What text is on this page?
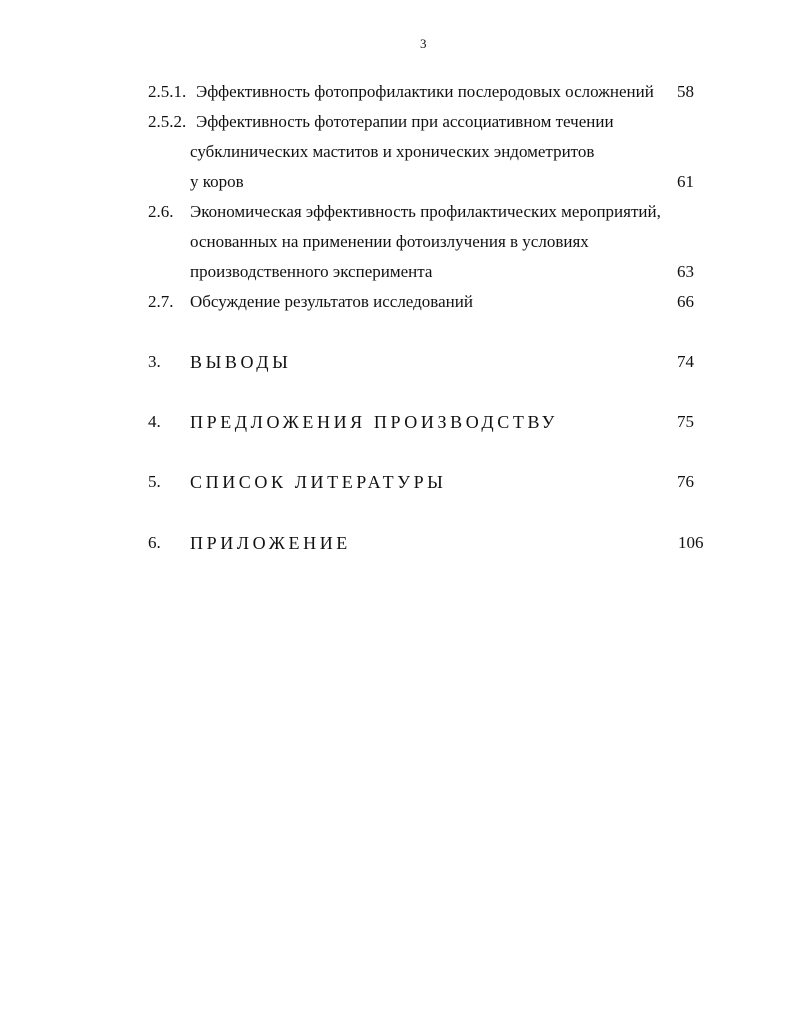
3
2.5.1. Эффективность фотопрофилактики послеродовых осложнений 58
2.5.2. Эффективность фототерапии при ассоциативном течении
субклинических маститов и хронических эндометритов
у коров	61
2.6. Экономическая эффективность профилактических мероприятий,
основанных на применении фотоизлучения в условиях
производственного эксперимента	63
2.7. Обсуждение результатов исследований	66
3. ВЫВОДЫ	74
4. ПРЕДЛОЖЕНИЯ ПРОИЗВОДСТВУ	75
5. СПИСОК ЛИТЕРАТУРЫ	76
6. ПРИЛОЖЕНИЕ	106
